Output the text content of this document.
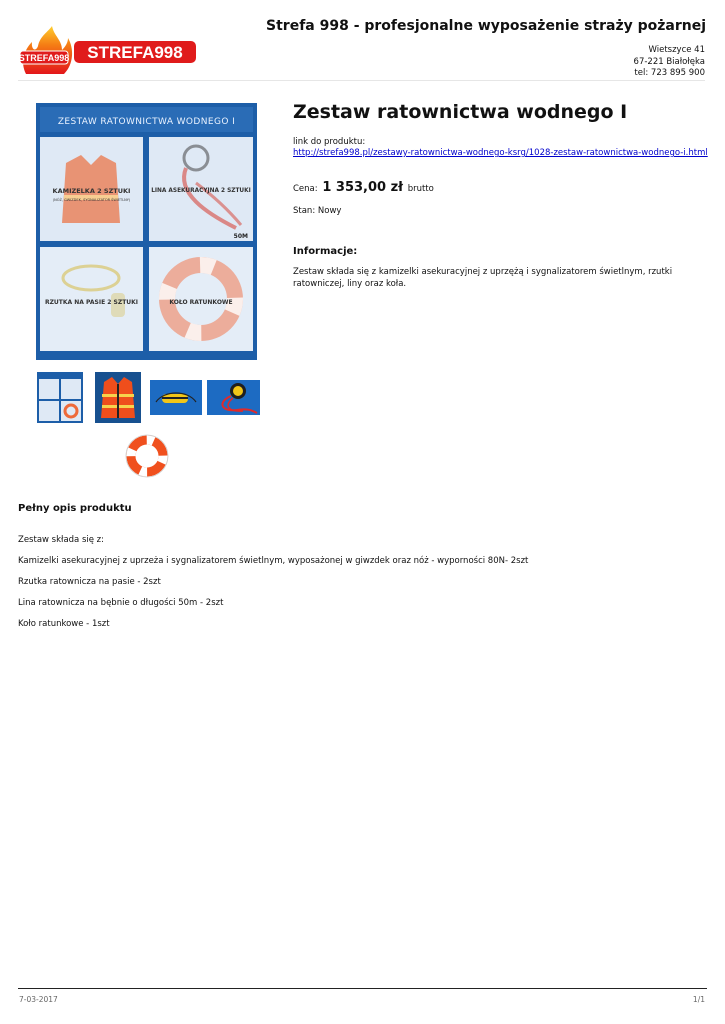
STREFA998 STREFA998
Strefa 998 - profesjonalne wyposażenie straży pożarnej
Wietszyce 41
67-221 Białołęka
tel: 723 895 900
ZESTAW RATOWNICTWA WODNEGO I
KAMIZELKA 2 SZTUKI
(NÓŻ, GWIZDEK, SYGNALIZATOR ŚWIETLNY)
LINA ASEKURACYJNA 2 SZTUKI
50M
RZUTKA NA PASIE 2 SZTUKI	KOŁO RATUNKOWE
Zestaw ratownictwa wodnego I
link do produktu:
http://strefa998.pl/zestawy-ratownictwa-wodnego-ksrg/1028-zestaw-ratownictwa-wodnego-i.html
Cena: 1 353,00 zł brutto
Stan: Nowy
Informacje:
Zestaw składa się z kamizelki asekuracyjnej z uprzężą i sygnalizatorem świetlnym, rzutki ratowniczej, liny oraz koła.
Pełny opis produktu
Zestaw składa się z:
Kamizelki asekuracyjnej z uprzeża i sygnalizatorem świetlnym, wyposażonej w giwzdek oraz nóż - wyporności 80N- 2szt
Rzutka ratownicza na pasie - 2szt
Lina ratownicza na bębnie o długości 50m - 2szt
Koło ratunkowe - 1szt
7-03-2017	1/1
